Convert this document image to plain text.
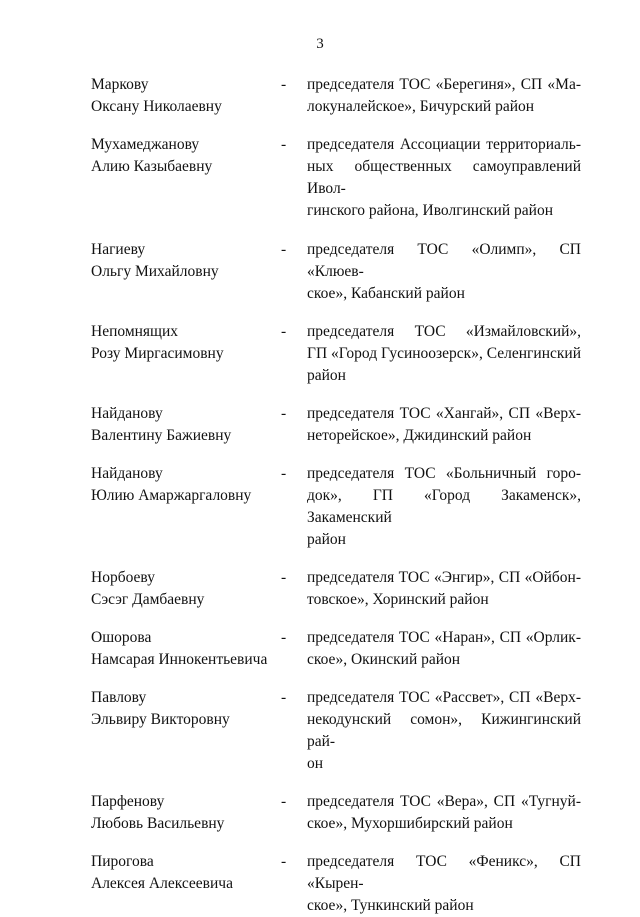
3
Маркову
Оксану Николаевну
-	председателя ТОС «Берегиня», СП «Ма-
локуналейское», Бичурский район
Мухамеджанову
Алию Казыбаевну
-	председателя Ассоциации территориаль-
ных общественных самоуправлений Ивол-
гинского района, Иволгинский район
Нагиеву
Ольгу Михайловну
-	председателя ТОС «Олимп», СП «Клюев-
ское», Кабанский район
Непомнящих
Розу Миргасимовну
-	председателя ТОС «Измайловский»,
ГП «Город Гусиноозерск», Селенгинский
район
Найданову
Валентину Бажиевну
-	председателя ТОС «Хангай», СП «Верх-
неторейское», Джидинский район
Найданову
Юлию Амаржаргаловну
-	председателя ТОС «Больничный горо-
док», ГП «Город Закаменск», Закаменский
район
Норбоеву
Сэсэг Дамбаевну
-	председателя ТОС «Энгир», СП «Ойбон-
товское», Хоринский район
Ошорова
Намсарая Иннокентьевича
-	председателя ТОС «Наран», СП «Орлик-
ское», Окинский район
Павлову
Эльвиру Викторовну
-	председателя ТОС «Рассвет», СП «Верх-
некодунский сомон», Кижингинский рай-
он
Парфенову
Любовь Васильевну
-	председателя ТОС «Вера», СП «Тугнуй-
ское», Мухоршибирский район
Пирогова
Алексея Алексеевича
-	председателя ТОС «Феникс», СП «Кырен-
ское», Тункинский район
